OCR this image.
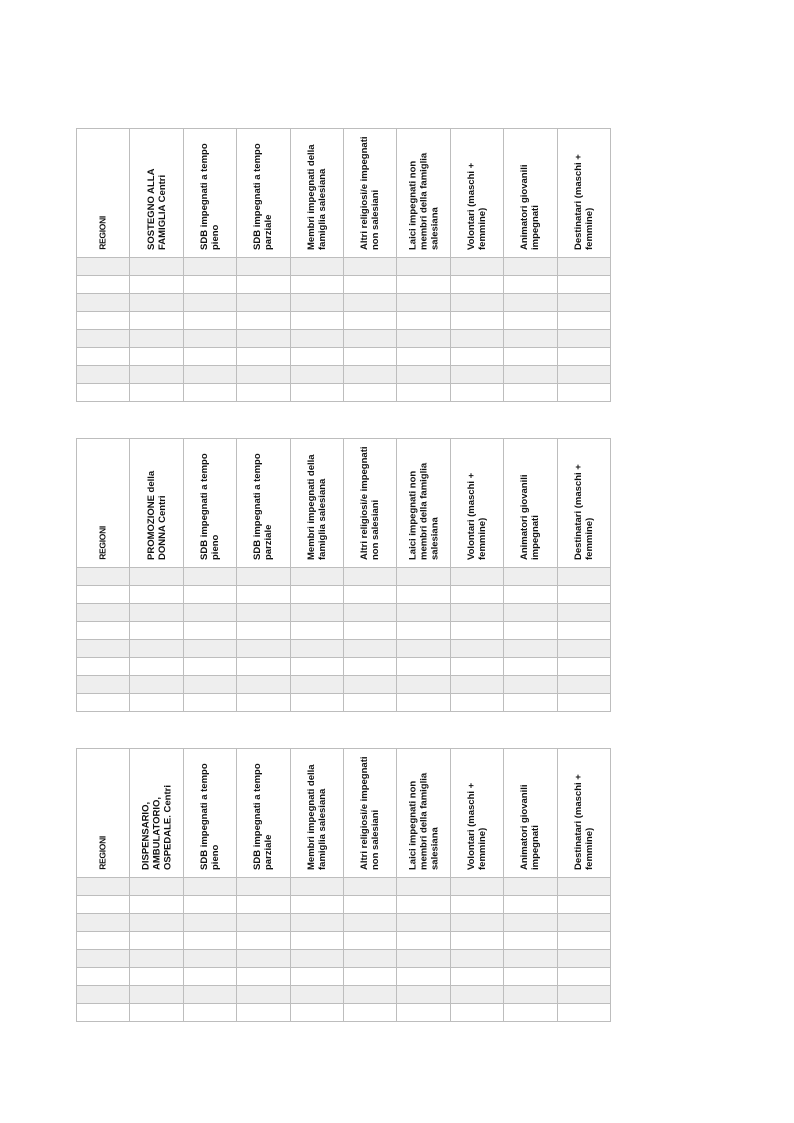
REGIONI	SOSTEGNO ALLA FAMIGLIA Centri	SDB impegnati a tempo pieno	SDB impegnati a tempo parziale	Membri impegnati della famiglia salesiana	Altri religiosi/e impegnati non salesiani	Laici impegnati non membri della famiglia salesiana	Volontari (maschi + femmine)	Animatori giovanili impegnati	Destinatari (maschi + femmine)

REGIONI	PROMOZIONE della DONNA Centri	SDB impegnati a tempo pieno	SDB impegnati a tempo parziale	Membri impegnati della famiglia salesiana	Altri religiosi/e impegnati non salesiani	Laici impegnati non membri della famiglia salesiana	Volontari (maschi + femmine)	Animatori giovanili impegnati	Destinatari (maschi + femmine)

REGIONI	DISPENSARIO, AMBULATORIO, OSPEDALE. Centri	SDB impegnati a tempo pieno	SDB impegnati a tempo parziale	Membri impegnati della famiglia salesiana	Altri religiosi/e impegnati non salesiani	Laici impegnati non membri della famiglia salesiana	Volontari (maschi + femmine)	Animatori giovanili impegnati	Destinatari (maschi + femmine)
